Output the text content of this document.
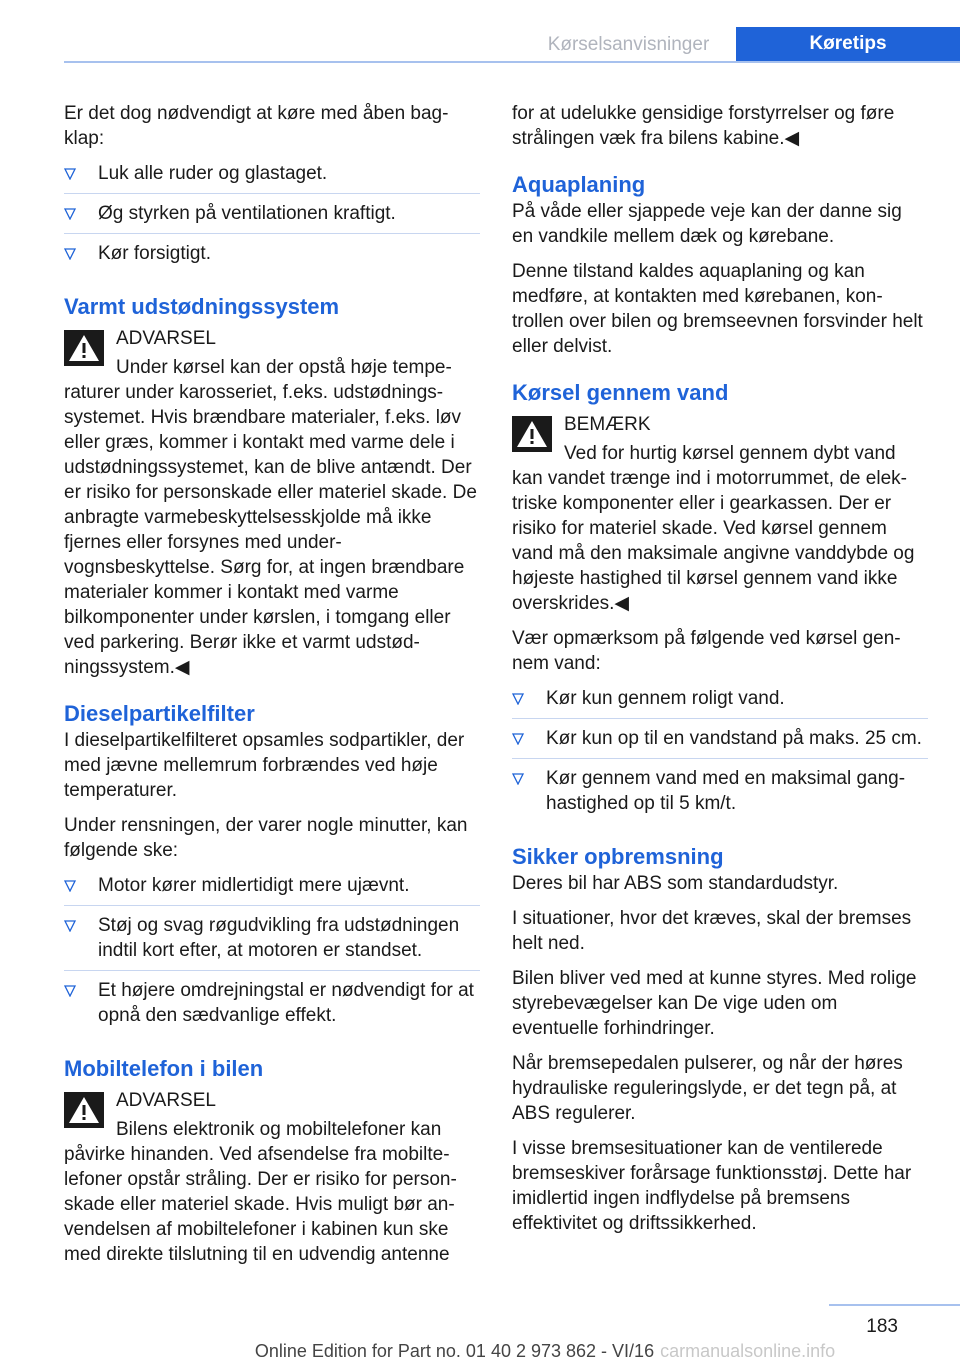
Kørselsanvisninger	Køretips

Er det dog nødvendigt at køre med åben bagklap:

Luk alle ruder og glastaget.
Øg styrken på ventilationen kraftigt.
Kør forsigtigt.
Varmt udstødningssystem

ADVARSEL

Under kørsel kan der opstå høje temperaturer under karosseriet, f.eks. udstødningssystemet. Hvis brændbare materialer, f.eks. løv eller græs, kommer i kontakt med varme dele i udstødningssystemet, kan de blive antændt. Der er risiko for personskade eller materiel skade. De anbragte varmebeskyttelsesskjolde må ikke fjernes eller forsynes med undervognsbeskyttelse. Sørg for, at ingen brændbare materialer kommer i kontakt med varme bilkomponenter under kørslen, i tomgang eller ved parkering. Berør ikke et varmt udstødningssystem.◀

Dieselpartikelfilter

I dieselpartikelfilteret opsamles sodpartikler, der med jævne mellemrum forbrændes ved høje temperaturer.

Under rensningen, der varer nogle minutter, kan følgende ske:

Motor kører midlertidigt mere ujævnt.
Støj og svag røgudvikling fra udstødningen indtil kort efter, at motoren er standset.
Et højere omdrejningstal er nødvendigt for at opnå den sædvanlige effekt.
Mobiltelefon i bilen

ADVARSEL

Bilens elektronik og mobiltelefoner kan påvirke hinanden. Ved afsendelse fra mobiltelefoner opstår stråling. Der er risiko for personskade eller materiel skade. Hvis muligt bør anvendelsen af mobiltelefoner i kabinen kun ske med direkte tilslutning til en udvendig antenne

for at udelukke gensidige forstyrrelser og føre strålingen væk fra bilens kabine.◀

Aquaplaning

På våde eller sjappede veje kan der danne sig en vandkile mellem dæk og kørebane.

Denne tilstand kaldes aquaplaning og kan medføre, at kontakten med kørebanen, kontrollen over bilen og bremseevnen forsvinder helt eller delvist.

Kørsel gennem vand

BEMÆRK

Ved for hurtig kørsel gennem dybt vand kan vandet trænge ind i motorrummet, de elektriske komponenter eller i gearkassen. Der er risiko for materiel skade. Ved kørsel gennem vand må den maksimale angivne vanddybde og højeste hastighed til kørsel gennem vand ikke overskrides.◀

Vær opmærksom på følgende ved kørsel gennem vand:

Kør kun gennem roligt vand.
Kør kun op til en vandstand på maks. 25 cm.
Kør gennem vand med en maksimal ganghastighed op til 5 km/t.
Sikker opbremsning

Deres bil har ABS som standardudstyr.

I situationer, hvor det kræves, skal der bremses helt ned.

Bilen bliver ved med at kunne styres. Med rolige styrebevægelser kan De vige uden om eventuelle forhindringer.

Når bremsepedalen pulserer, og når der høres hydrauliske reguleringslyde, er det tegn på, at ABS regulerer.

I visse bremsesituationer kan de ventilerede bremseskiver forårsage funktionsstøj. Dette har imidlertid ingen indflydelse på bremsens effektivitet og driftssikkerhed.

183
Online Edition for Part no. 01 40 2 973 862 - VI/16 carmanualsonline.info
